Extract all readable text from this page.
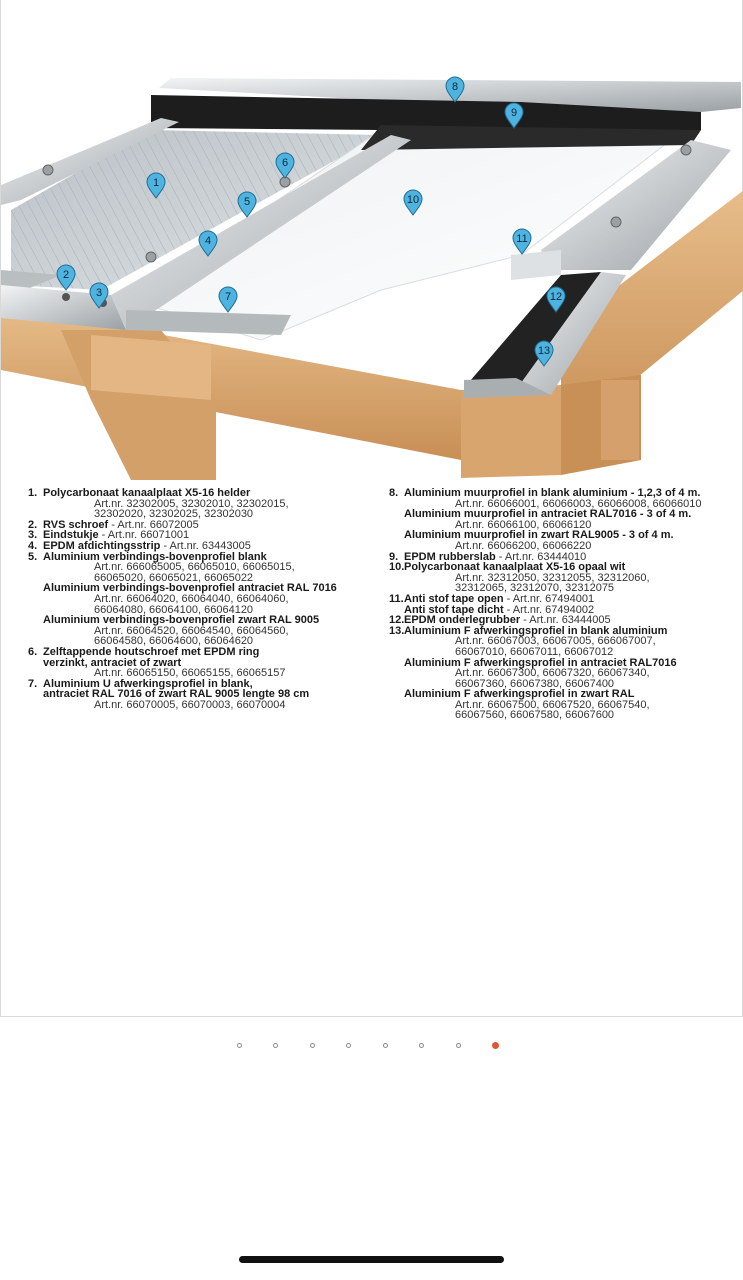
1
2
3
4
5
6
7
8
9
10
11
12
13
1. Polycarbonaat kanaalplaat X5-16 helder
Art.nr. 32302005, 32302010, 32302015,
32302020, 32302025, 32302030
2. RVS schroef - Art.nr. 66072005
3. Eindstukje - Art.nr. 66071001
4. EPDM afdichtingsstrip - Art.nr. 63443005
5. Aluminium verbindings-bovenprofiel blank
Art.nr. 666065005, 66065010, 66065015,
66065020, 66065021, 66065022
Aluminium verbindings-bovenprofiel antraciet RAL 7016
Art.nr. 66064020, 66064040, 66064060,
66064080, 66064100, 66064120
Aluminium verbindings-bovenprofiel zwart RAL 9005
Art.nr. 66064520, 66064540, 66064560,
66064580, 66064600, 66064620
6. Zelftappende houtschroef met EPDM ring
verzinkt, antraciet of zwart
Art.nr. 66065150, 66065155, 66065157
7. Aluminium U afwerkingsprofiel in blank,
antraciet RAL 7016 of zwart RAL 9005 lengte 98 cm
Art.nr. 66070005, 66070003, 66070004
8. Aluminium muurprofiel in blank aluminium - 1,2,3 of 4 m.
Art.nr. 66066001, 66066003, 66066008, 66066010
Aluminium muurprofiel in antraciet RAL7016 - 3 of 4 m.
Art.nr. 66066100, 66066120
Aluminium muurprofiel in zwart RAL9005 - 3 of 4 m.
Art.nr. 66066200, 66066220
9. EPDM rubberslab - Art.nr. 63444010
10.Polycarbonaat kanaalplaat X5-16 opaal wit
Art.nr. 32312050, 32312055, 32312060,
32312065, 32312070, 32312075
11.Anti stof tape open - Art.nr. 67494001
Anti stof tape dicht - Art.nr. 67494002
12.EPDM onderlegrubber - Art.nr. 63444005
13.Aluminium F afwerkingsprofiel in blank aluminium
Art.nr. 66067003, 66067005, 666067007,
66067010, 66067011, 66067012
Aluminium F afwerkingsprofiel in antraciet RAL7016
Art.nr. 66067300, 66067320, 66067340,
66067360, 66067380, 66067400
Aluminium F afwerkingsprofiel in zwart RAL
Art.nr. 66067500, 66067520, 66067540,
66067560, 66067580, 66067600
